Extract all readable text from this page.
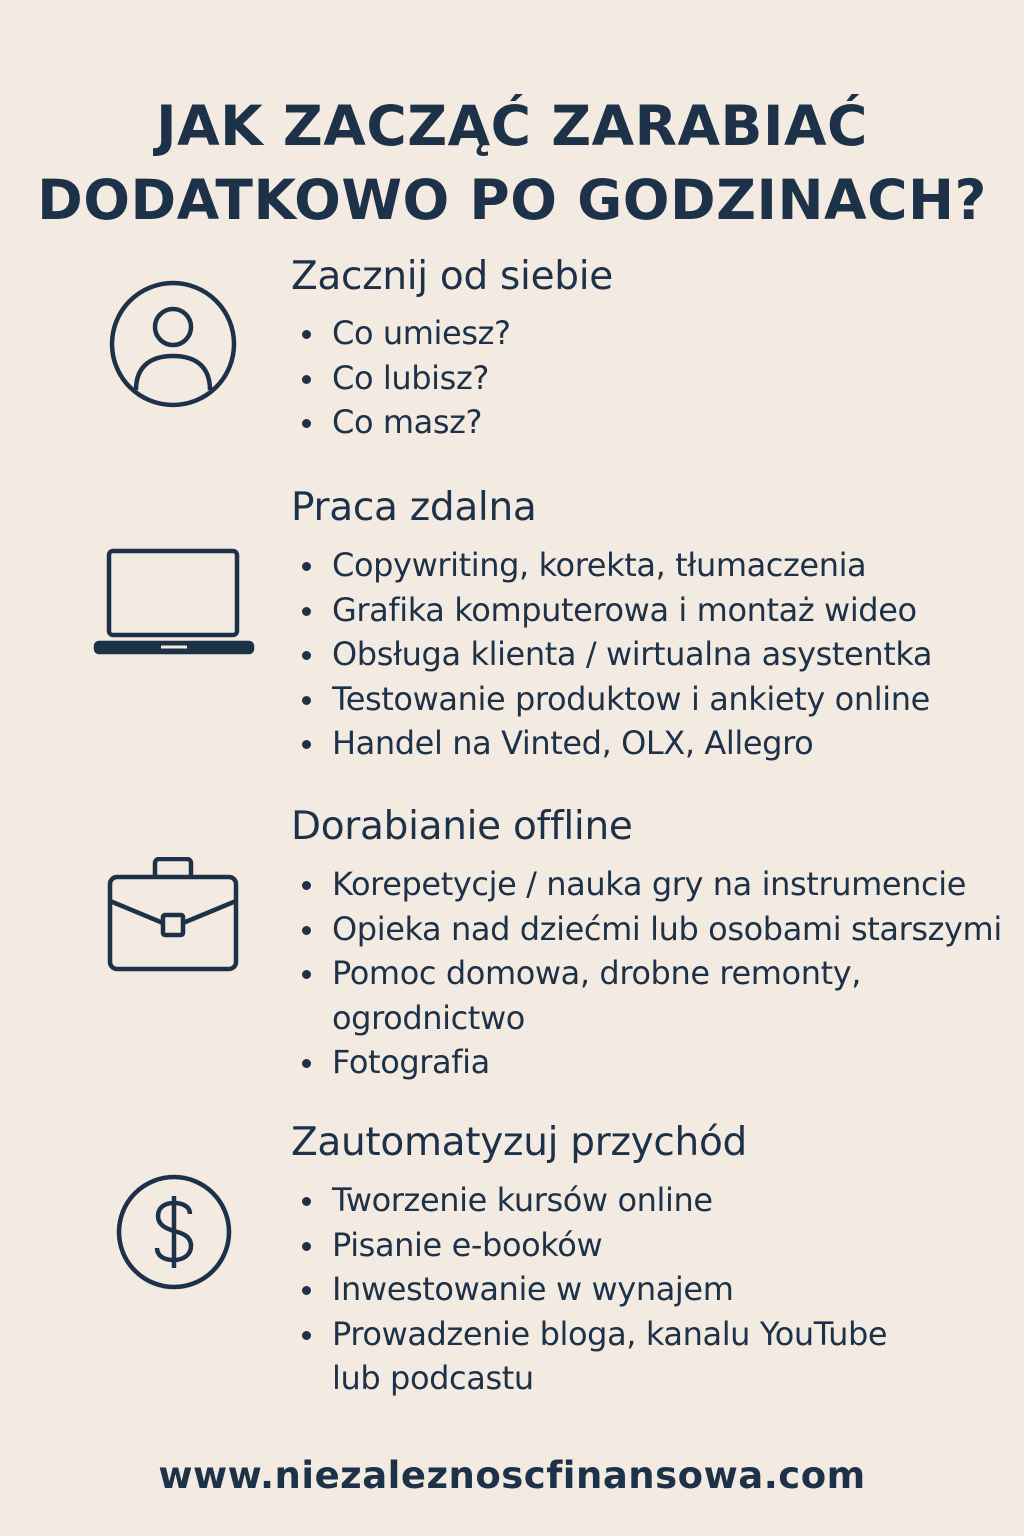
JAK ZACZĄĆ ZARABIAĆ
DODATKOWO PO GODZINACH?
Zacznij od siebie
Co umiesz?
Co lubisz?
Co masz?
Praca zdalna
Copywriting, korekta, tłumaczenia
Grafika komputerowa i montaż wideo
Obsługa klienta / wirtualna asystentka
Testowanie produktow i ankiety online
Handel na Vinted, OLX, Allegro
Dorabianie offline
Korepetycje / nauka gry na instrumencie
Opieka nad dziećmi lub osobami starszymi
Pomoc domowa, drobne remonty,
ogrodnictwo
Fotografia
Zautomatyzuj przychód
Tworzenie kursów online
Pisanie e-booków
Inwestowanie w wynajem
Prowadzenie bloga, kanalu YouTube
lub podcastu
www.niezaleznoscfinansowa.com
